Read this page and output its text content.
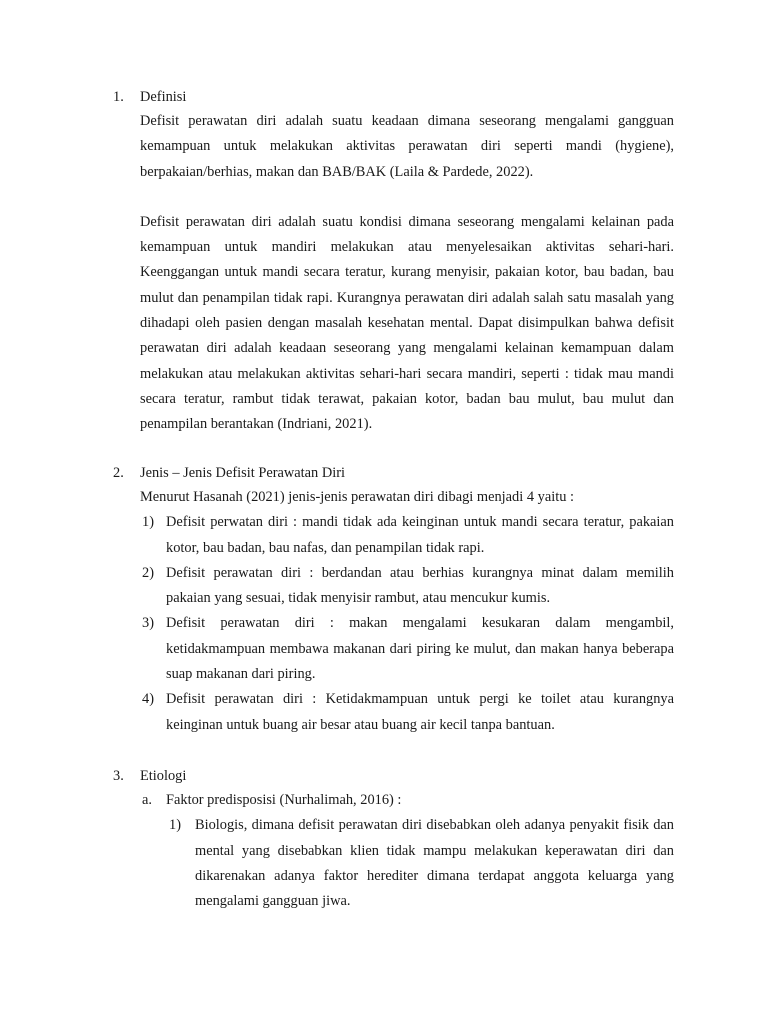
1.	Definisi

Defisit perawatan diri adalah suatu keadaan dimana seseorang mengalami gangguan kemampuan untuk melakukan aktivitas perawatan diri seperti mandi (hygiene), berpakaian/berhias, makan dan BAB/BAK (Laila & Pardede, 2022).

Defisit perawatan diri adalah suatu kondisi dimana seseorang mengalami kelainan pada kemampuan untuk mandiri melakukan atau menyelesaikan aktivitas sehari-hari. Keenggangan untuk mandi secara teratur, kurang menyisir, pakaian kotor, bau badan, bau mulut dan penampilan tidak rapi. Kurangnya perawatan diri adalah salah satu masalah yang dihadapi oleh pasien dengan masalah kesehatan mental. Dapat disimpulkan bahwa defisit perawatan diri adalah keadaan seseorang yang mengalami kelainan kemampuan dalam melakukan atau melakukan aktivitas sehari-hari secara mandiri, seperti : tidak mau mandi secara teratur, rambut tidak terawat, pakaian kotor, badan bau mulut, bau mulut dan penampilan berantakan (Indriani, 2021).

2.	Jenis – Jenis Defisit Perawatan Diri

Menurut Hasanah (2021) jenis-jenis perawatan diri dibagi menjadi 4 yaitu :

1) Defisit perwatan diri : mandi tidak ada keinginan untuk mandi secara teratur, pakaian kotor, bau badan, bau nafas, dan penampilan tidak rapi.
2) Defisit perawatan diri : berdandan atau berhias kurangnya minat dalam memilih pakaian yang sesuai, tidak menyisir rambut, atau mencukur kumis.
3) Defisit perawatan diri : makan mengalami kesukaran dalam mengambil, ketidakmampuan membawa makanan dari piring ke mulut, dan makan hanya beberapa suap makanan dari piring.
4) Defisit perawatan diri : Ketidakmampuan untuk pergi ke toilet atau kurangnya keinginan untuk buang air besar atau buang air kecil tanpa bantuan.
3.	Etiologi
a. Faktor predisposisi (Nurhalimah, 2016) :
1) Biologis, dimana defisit perawatan diri disebabkan oleh adanya penyakit fisik dan mental yang disebabkan klien tidak mampu melakukan keperawatan diri dan dikarenakan adanya faktor herediter dimana terdapat anggota keluarga yang mengalami gangguan jiwa.
